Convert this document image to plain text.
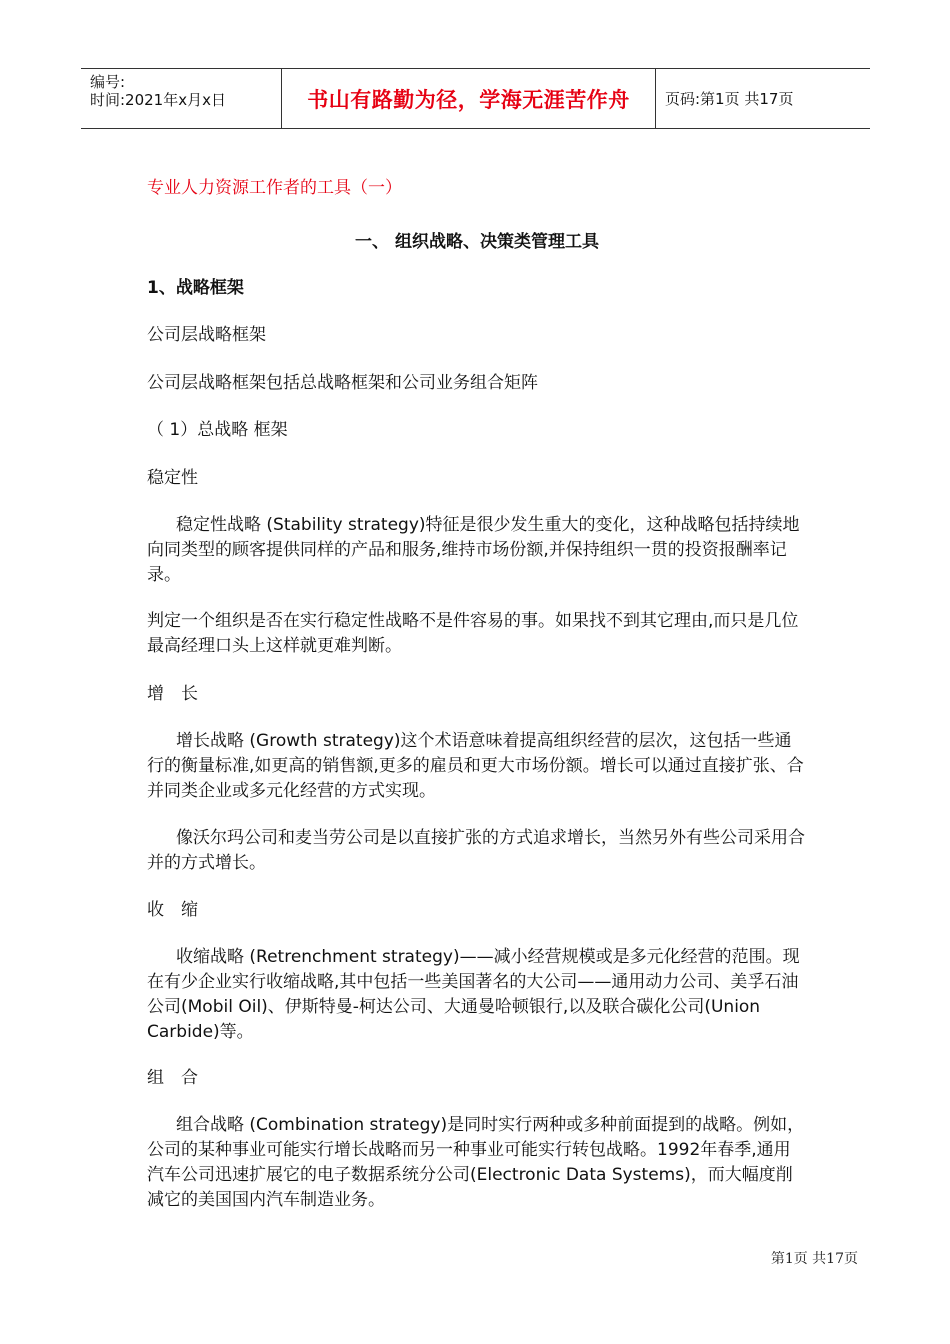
编号:
时间:2021年x月x日	书山有路勤为径，学海无涯苦作舟 页码:第1页 共17页

专业人力资源工作者的工具（一）

一、 组织战略、决策类管理工具

1、战略框架

公司层战略框架

公司层战略框架包括总战略框架和公司业务组合矩阵

（ 1）总战略 框架

稳定性

稳定性战略 (Stability strategy)特征是很少发生重大的变化，这种战略包括持续地向同类型的顾客提供同样的产品和服务,维持市场份额,并保持组织一贯的投资报酬率记录。

判定一个组织是否在实行稳定性战略不是件容易的事。如果找不到其它理由,而只是几位最高经理口头上这样就更难判断。

增　长

增长战略 (Growth strategy)这个术语意味着提高组织经营的层次，这包括一些通行的衡量标准,如更高的销售额,更多的雇员和更大市场份额。增长可以通过直接扩张、合并同类企业或多元化经营的方式实现。

像沃尔玛公司和麦当劳公司是以直接扩张的方式追求增长，当然另外有些公司采用合并的方式增长。

收　缩

收缩战略 (Retrenchment strategy)——减小经营规模或是多元化经营的范围。现在有少企业实行收缩战略,其中包括一些美国著名的大公司——通用动力公司、美孚石油公司(Mobil Oil)、伊斯特曼-柯达公司、大通曼哈顿银行,以及联合碳化公司(Union Carbide)等。

组　合

组合战略 (Combination strategy)是同时实行两种或多种前面提到的战略。例如，公司的某种事业可能实行增长战略而另一种事业可能实行转包战略。1992年春季,通用汽车公司迅速扩展它的电子数据系统分公司(Electronic Data Systems)，而大幅度削减它的美国国内汽车制造业务。

第1页 共17页
